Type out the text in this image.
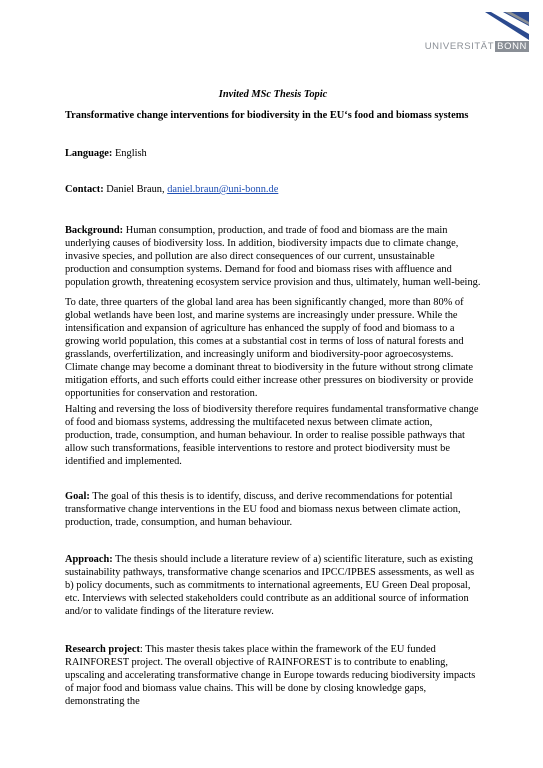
UNIVERSITÄT BONN
Invited MSc Thesis Topic
Transformative change interventions for biodiversity in the EU‘s food and biomass systems
Language: English
Contact: Daniel Braun, daniel.braun@uni-bonn.de

Background: Human consumption, production, and trade of food and biomass are the main underlying causes of biodiversity loss. In addition, biodiversity impacts due to climate change, invasive species, and pollution are also direct consequences of our current, unsustainable production and consumption systems. Demand for food and biomass rises with affluence and population growth, threatening ecosystem service provision and thus, ultimately, human well-being.

To date, three quarters of the global land area has been significantly changed, more than 80% of global wetlands have been lost, and marine systems are increasingly under pressure. While the intensification and expansion of agriculture has enhanced the supply of food and biomass to a growing world population, this comes at a substantial cost in terms of loss of natural forests and grasslands, overfertilization, and increasingly uniform and biodiversity-poor agroecosystems. Climate change may become a dominant threat to biodiversity in the future without strong climate mitigation efforts, and such efforts could either increase other pressures on biodiversity or provide opportunities for conservation and restoration.

Halting and reversing the loss of biodiversity therefore requires fundamental transformative change of food and biomass systems, addressing the multifaceted nexus between climate action, production, trade, consumption, and human behaviour. In order to realise possible pathways that allow such transformations, feasible interventions to restore and protect biodiversity must be identified and implemented.

Goal: The goal of this thesis is to identify, discuss, and derive recommendations for potential transformative change interventions in the EU food and biomass nexus between climate action, production, trade, consumption, and human behaviour.

Approach: The thesis should include a literature review of a) scientific literature, such as existing sustainability pathways, transformative change scenarios and IPCC/IPBES assessments, as well as b) policy documents, such as commitments to international agreements, EU Green Deal proposal, etc. Interviews with selected stakeholders could contribute as an additional source of information and/or to validate findings of the literature review.

Research project: This master thesis takes place within the framework of the EU funded RAINFOREST project. The overall objective of RAINFOREST is to contribute to enabling, upscaling and accelerating transformative change in Europe towards reducing biodiversity impacts of major food and biomass value chains. This will be done by closing knowledge gaps, demonstrating the
